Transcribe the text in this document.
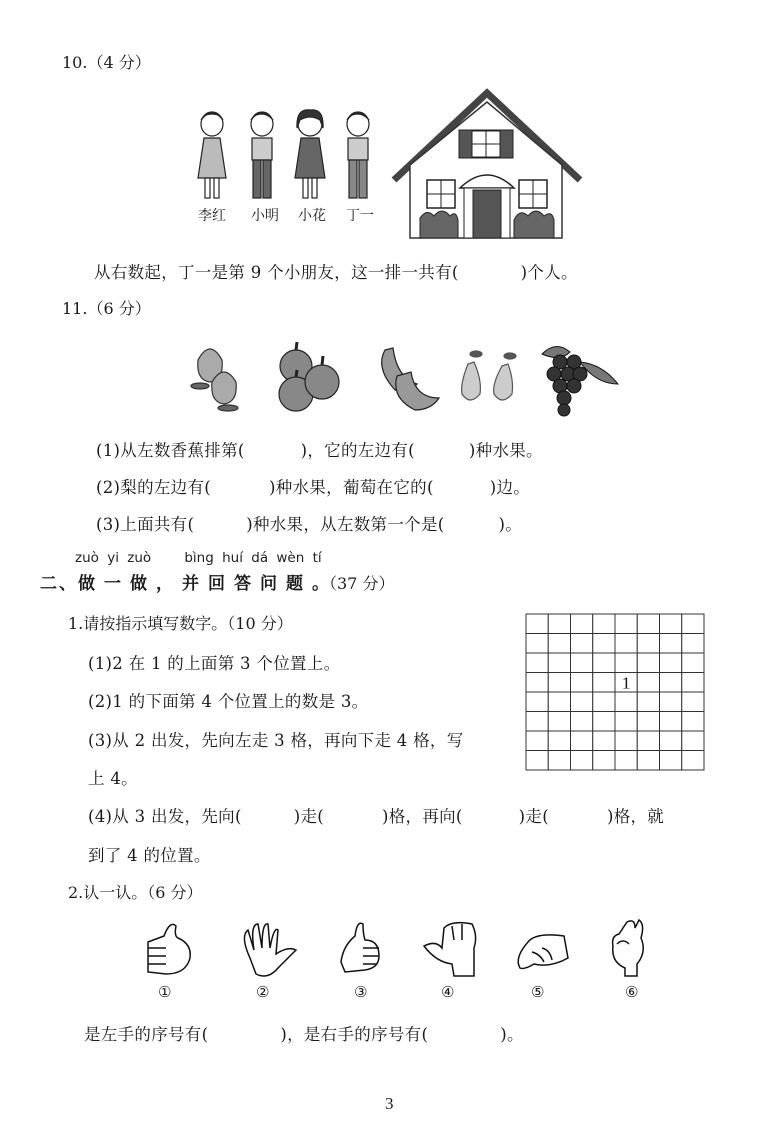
10.（4 分）
李红 小明 小花 丁一
从右数起，丁一是第 9 个小朋友，这一排一共有(	)个人。
11.（6 分）
(1)从左数香蕉排第(	)，它的左边有(	)种水果。
(2)梨的左边有(	)种水果，葡萄在它的(	)边。
(3)上面共有(	)种水果，从左数第一个是(	)。
zuò yi zuò bìng huí dá wèn tí
二、做一做，并回答问题。（37 分）
1.请按指示填写数字。（10 分）
(1)2 在 1 的上面第 3 个位置上。
(2)1 的下面第 4 个位置上的数是 3。
(3)从 2 出发，先向左走 3 格，再向下走 4 格，写
上 4。
(4)从 3 出发，先向(	)走(	)格，再向(	)走(	)格，就
到了 4 的位置。
1
2.认一认。（6 分）
①	②	③	④	⑤	⑥
是左手的序号有(	)，是右手的序号有(	)。
3
